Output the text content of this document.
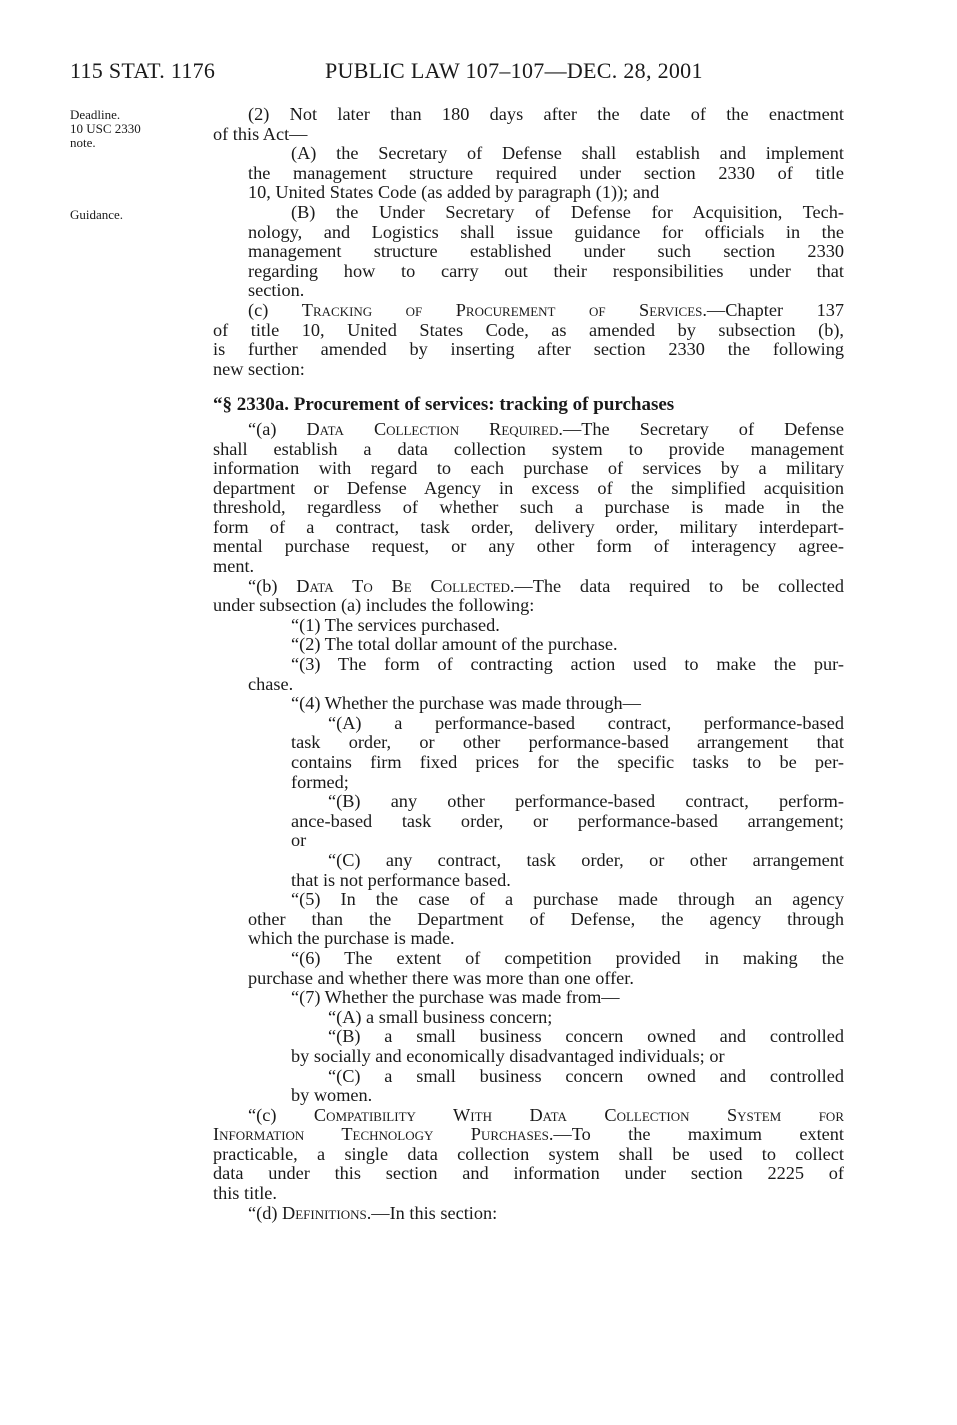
115 STAT. 1176	PUBLIC LAW 107–107—DEC. 28, 2001
Deadline.
10 USC 2330
note.
Guidance.
(2) Not later than 180 days after the date of the enactment
of this Act—
(A) the Secretary of Defense shall establish and implement
the management structure required under section 2330 of title
10, United States Code (as added by paragraph (1)); and
(B) the Under Secretary of Defense for Acquisition, Tech-
nology, and Logistics shall issue guidance for officials in the
management structure established under such section 2330
regarding how to carry out their responsibilities under that
section.
(c) Tracking of Procurement of Services.—Chapter 137
of title 10, United States Code, as amended by subsection (b),
is further amended by inserting after section 2330 the following
new section:
“§ 2330a. Procurement of services: tracking of purchases
“(a) Data Collection Required.—The Secretary of Defense
shall establish a data collection system to provide management
information with regard to each purchase of services by a military
department or Defense Agency in excess of the simplified acquisition
threshold, regardless of whether such a purchase is made in the
form of a contract, task order, delivery order, military interdepart-
mental purchase request, or any other form of interagency agree-
ment.
“(b) Data To Be Collected.—The data required to be collected
under subsection (a) includes the following:
“(1) The services purchased.
“(2) The total dollar amount of the purchase.
“(3) The form of contracting action used to make the pur-
chase.
“(4) Whether the purchase was made through—
“(A) a performance-based contract, performance-based
task order, or other performance-based arrangement that
contains firm fixed prices for the specific tasks to be per-
formed;
“(B) any other performance-based contract, perform-
ance-based task order, or performance-based arrangement;
or
“(C) any contract, task order, or other arrangement
that is not performance based.
“(5) In the case of a purchase made through an agency
other than the Department of Defense, the agency through
which the purchase is made.
“(6) The extent of competition provided in making the
purchase and whether there was more than one offer.
“(7) Whether the purchase was made from—
“(A) a small business concern;
“(B) a small business concern owned and controlled
by socially and economically disadvantaged individuals; or
“(C) a small business concern owned and controlled
by women.
“(c) Compatibility With Data Collection System for
Information Technology Purchases.—To the maximum extent
practicable, a single data collection system shall be used to collect
data under this section and information under section 2225 of
this title.
“(d) Definitions.—In this section:
